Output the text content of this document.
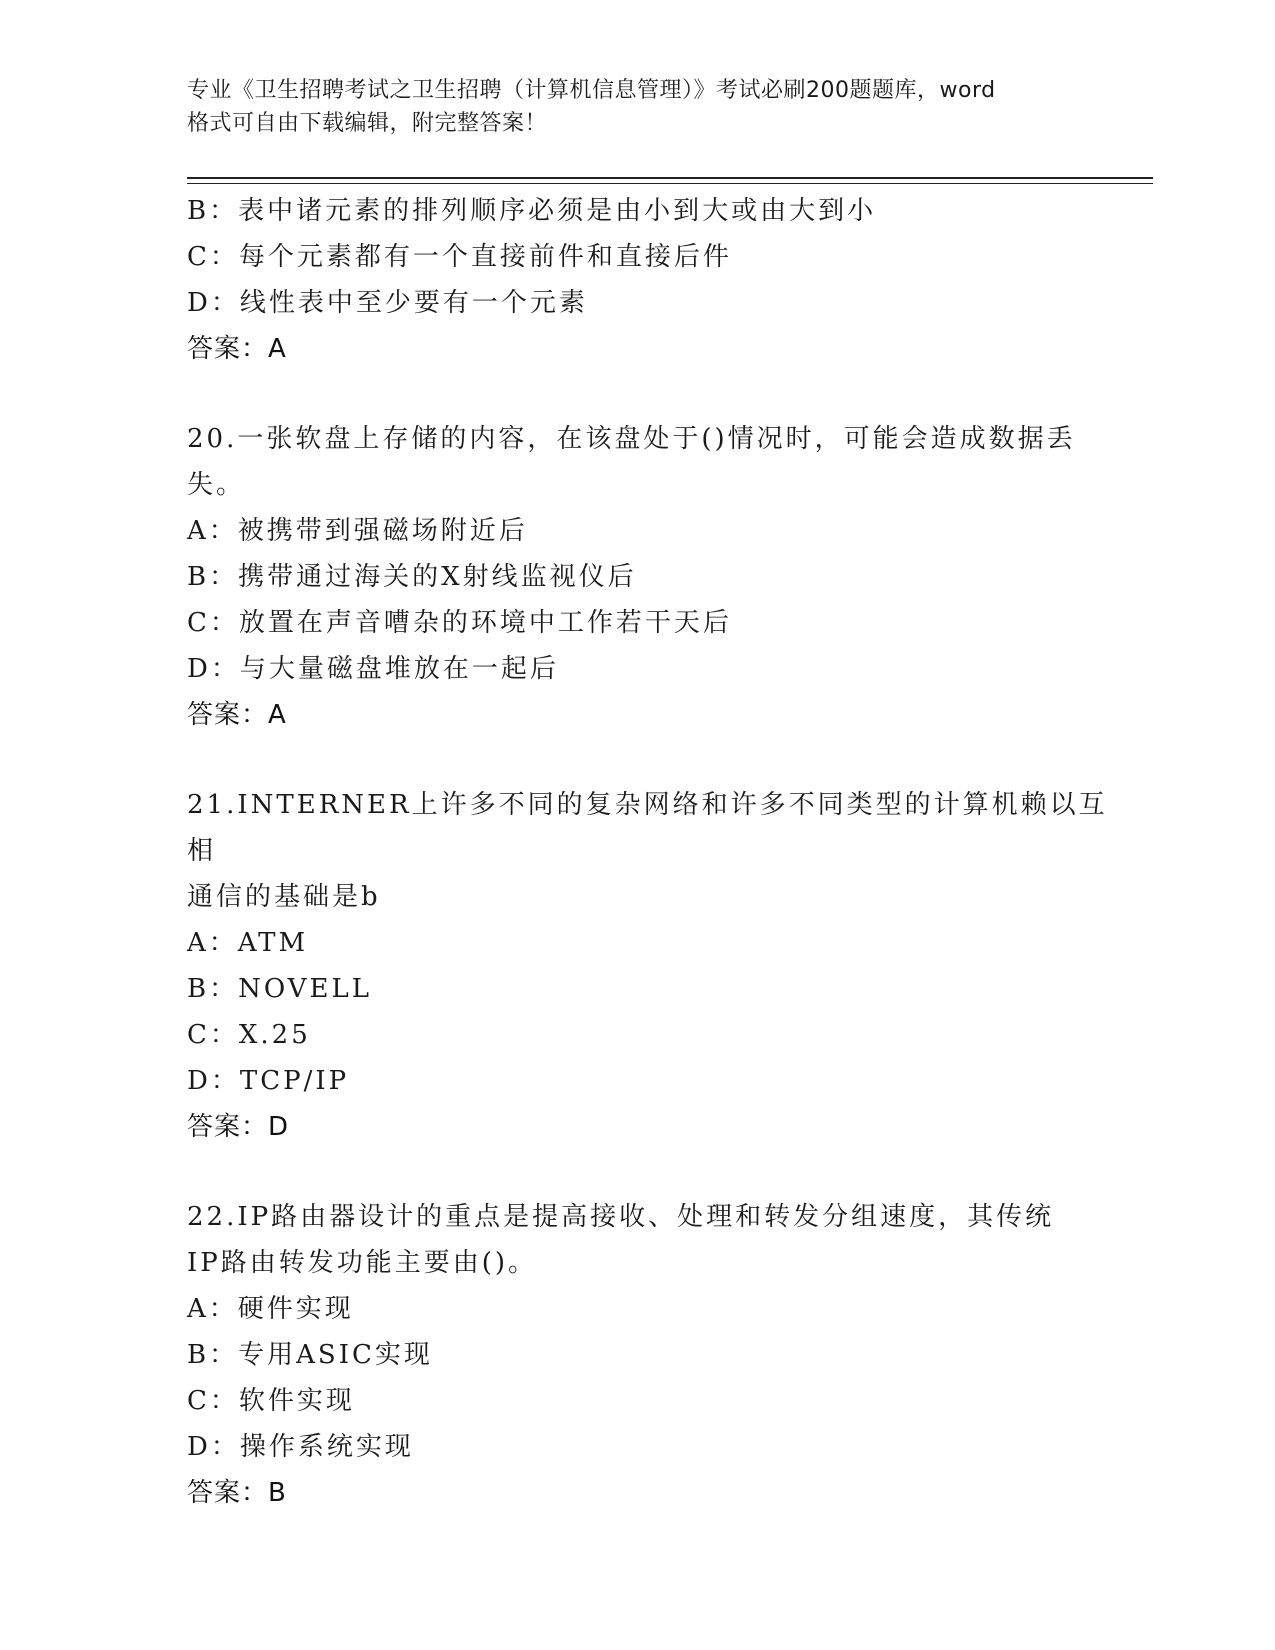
专业《卫生招聘考试之卫生招聘（计算机信息管理）》考试必刷200题题库，word
格式可自由下载编辑，附完整答案！
B：表中诸元素的排列顺序必须是由小到大或由大到小
C：每个元素都有一个直接前件和直接后件
D：线性表中至少要有一个元素
答案：A
20.一张软盘上存储的内容，在该盘处于()情况时，可能会造成数据丢
失。
A：被携带到强磁场附近后
B：携带通过海关的X射线监视仪后
C：放置在声音嘈杂的环境中工作若干天后
D：与大量磁盘堆放在一起后
答案：A
21.INTERNER上许多不同的复杂网络和许多不同类型的计算机赖以互相
通信的基础是b
A：ATM
B：NOVELL
C：X.25
D：TCP/IP
答案：D
22.IP路由器设计的重点是提高接收、处理和转发分组速度，其传统
IP路由转发功能主要由()。
A：硬件实现
B：专用ASIC实现
C：软件实现
D：操作系统实现
答案：B
